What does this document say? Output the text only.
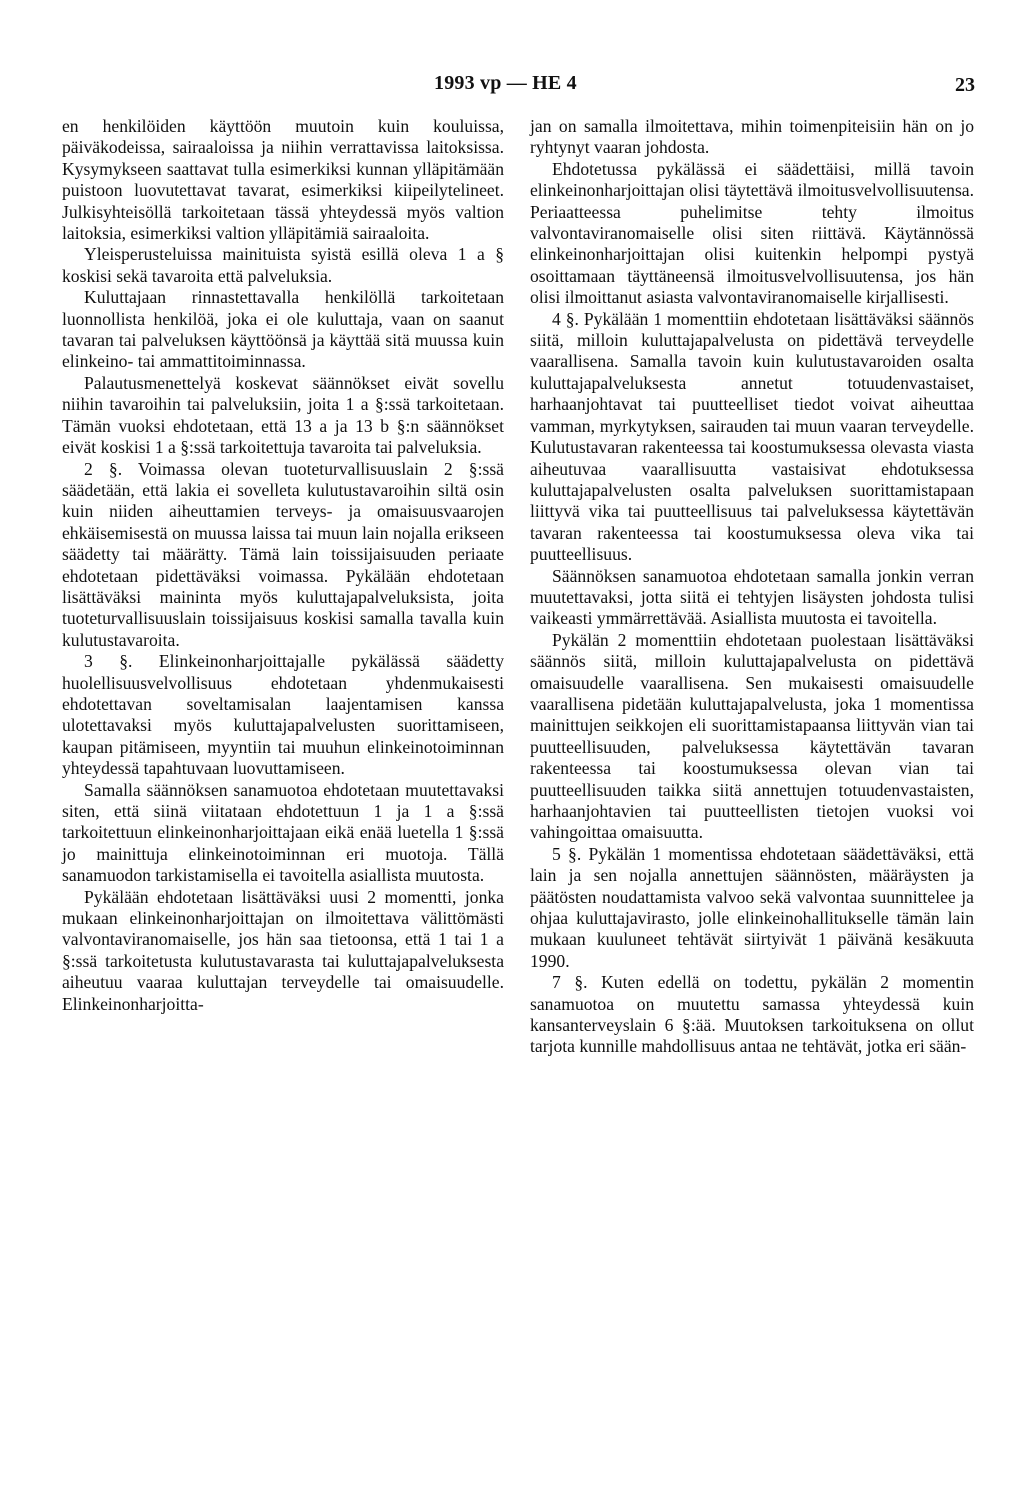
1993 vp — HE 4	23

en henkilöiden käyttöön muutoin kuin kouluissa, päiväkodeissa, sairaaloissa ja niihin verrattavissa laitoksissa. Kysymykseen saattavat tulla esimerkiksi kunnan ylläpitämään puistoon luovutettavat tavarat, esimerkiksi kiipeilytelineet. Julkisyhteisöllä tarkoitetaan tässä yhteydessä myös valtion laitoksia, esimerkiksi valtion ylläpitämiä sairaaloita.

Yleisperusteluissa mainituista syistä esillä oleva 1 a § koskisi sekä tavaroita että palveluksia.

Kuluttajaan rinnastettavalla henkilöllä tarkoitetaan luonnollista henkilöä, joka ei ole kuluttaja, vaan on saanut tavaran tai palveluksen käyttöönsä ja käyttää sitä muussa kuin elinkeino- tai ammattitoiminnassa.

Palautusmenettelyä koskevat säännökset eivät sovellu niihin tavaroihin tai palveluksiin, joita 1 a §:ssä tarkoitetaan. Tämän vuoksi ehdotetaan, että 13 a ja 13 b §:n säännökset eivät koskisi 1 a §:ssä tarkoitettuja tavaroita tai palveluksia.

2 §. Voimassa olevan tuoteturvallisuuslain 2 §:ssä säädetään, että lakia ei sovelleta kulutustavaroihin siltä osin kuin niiden aiheuttamien terveys- ja omaisuusvaarojen ehkäisemisestä on muussa laissa tai muun lain nojalla erikseen säädetty tai määrätty. Tämä lain toissijaisuuden periaate ehdotetaan pidettäväksi voimassa. Pykälään ehdotetaan lisättäväksi maininta myös kuluttajapalveluksista, joita tuoteturvallisuuslain toissijaisuus koskisi samalla tavalla kuin kulutustavaroita.

3 §. Elinkeinonharjoittajalle pykälässä säädetty huolellisuusvelvollisuus ehdotetaan yhdenmukaisesti ehdotettavan soveltamisalan laajentamisen kanssa ulotettavaksi myös kuluttajapalvelusten suorittamiseen, kaupan pitämiseen, myyntiin tai muuhun elinkeinotoiminnan yhteydessä tapahtuvaan luovuttamiseen.

Samalla säännöksen sanamuotoa ehdotetaan muutettavaksi siten, että siinä viitataan ehdotettuun 1 ja 1 a §:ssä tarkoitettuun elinkeinonharjoittajaan eikä enää luetella 1 §:ssä jo mainittuja elinkeinotoiminnan eri muotoja. Tällä sanamuodon tarkistamisella ei tavoitella asiallista muutosta.

Pykälään ehdotetaan lisättäväksi uusi 2 momentti, jonka mukaan elinkeinonharjoittajan on ilmoitettava välittömästi valvontaviranomaiselle, jos hän saa tietoonsa, että 1 tai 1 a §:ssä tarkoitetusta kulutustavarasta tai kuluttajapalveluksesta aiheutuu vaaraa kuluttajan terveydelle tai omaisuudelle. Elinkeinonharjoitta-

jan on samalla ilmoitettava, mihin toimenpiteisiin hän on jo ryhtynyt vaaran johdosta.

Ehdotetussa pykälässä ei säädettäisi, millä tavoin elinkeinonharjoittajan olisi täytettävä ilmoitusvelvollisuutensa. Periaatteessa puhelimitse tehty ilmoitus valvontaviranomaiselle olisi siten riittävä. Käytännössä elinkeinonharjoittajan olisi kuitenkin helpompi pystyä osoittamaan täyttäneensä ilmoitusvelvollisuutensa, jos hän olisi ilmoittanut asiasta valvontaviranomaiselle kirjallisesti.

4 §. Pykälään 1 momenttiin ehdotetaan lisättäväksi säännös siitä, milloin kuluttajapalvelusta on pidettävä terveydelle vaarallisena. Samalla tavoin kuin kulutustavaroiden osalta kuluttajapalveluksesta annetut totuudenvastaiset, harhaanjohtavat tai puutteelliset tiedot voivat aiheuttaa vamman, myrkytyksen, sairauden tai muun vaaran terveydelle. Kulutustavaran rakenteessa tai koostumuksessa olevasta viasta aiheutuvaa vaarallisuutta vastaisivat ehdotuksessa kuluttajapalvelusten osalta palveluksen suorittamistapaan liittyvä vika tai puutteellisuus tai palveluksessa käytettävän tavaran rakenteessa tai koostumuksessa oleva vika tai puutteellisuus.

Säännöksen sanamuotoa ehdotetaan samalla jonkin verran muutettavaksi, jotta siitä ei tehtyjen lisäysten johdosta tulisi vaikeasti ymmärrettävää. Asiallista muutosta ei tavoitella.

Pykälän 2 momenttiin ehdotetaan puolestaan lisättäväksi säännös siitä, milloin kuluttajapalvelusta on pidettävä omaisuudelle vaarallisena. Sen mukaisesti omaisuudelle vaarallisena pidetään kuluttajapalvelusta, joka 1 momentissa mainittujen seikkojen eli suorittamistapaansa liittyvän vian tai puutteellisuuden, palveluksessa käytettävän tavaran rakenteessa tai koostumuksessa olevan vian tai puutteellisuuden taikka siitä annettujen totuudenvastaisten, harhaanjohtavien tai puutteellisten tietojen vuoksi voi vahingoittaa omaisuutta.

5 §. Pykälän 1 momentissa ehdotetaan säädettäväksi, että lain ja sen nojalla annettujen säännösten, määräysten ja päätösten noudattamista valvoo sekä valvontaa suunnittelee ja ohjaa kuluttajavirasto, jolle elinkeinohallitukselle tämän lain mukaan kuuluneet tehtävät siirtyivät 1 päivänä kesäkuuta 1990.

7 §. Kuten edellä on todettu, pykälän 2 momentin sanamuotoa on muutettu samassa yhteydessä kuin kansanterveyslain 6 §:ää. Muutoksen tarkoituksena on ollut tarjota kunnille mahdollisuus antaa ne tehtävät, jotka eri sään-
